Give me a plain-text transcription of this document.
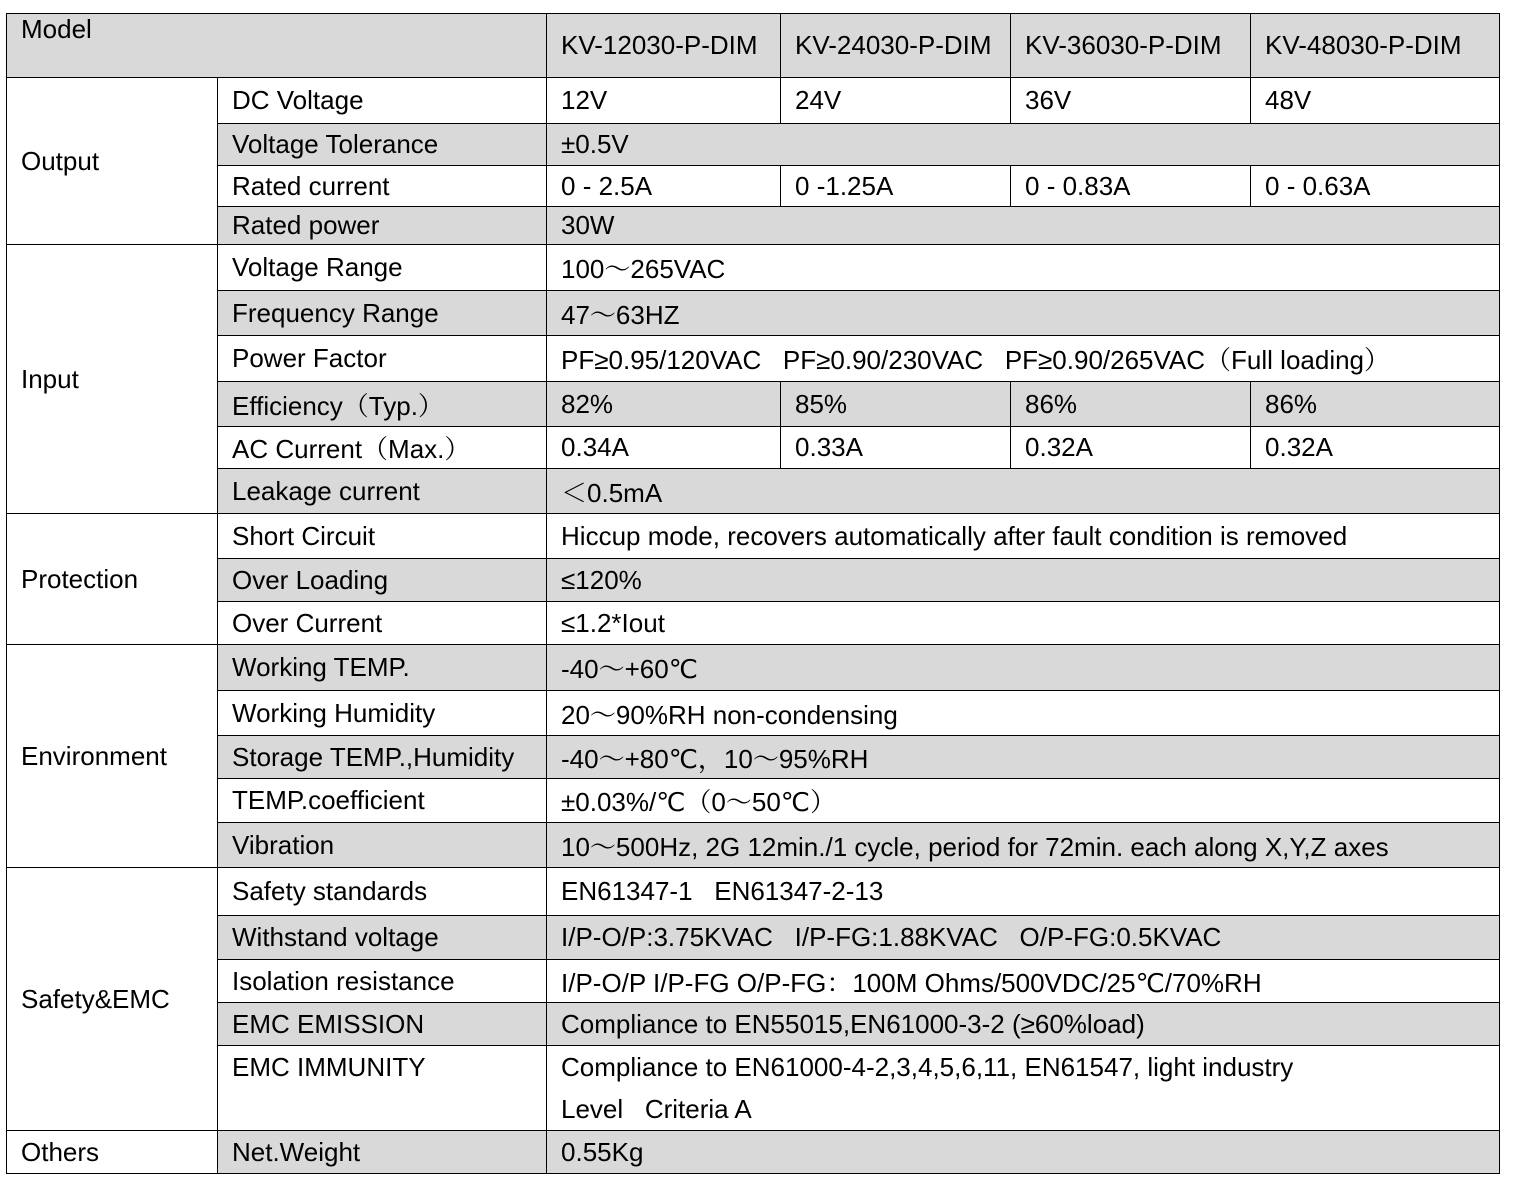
Model		KV-12030-P-DIM	KV-24030-P-DIM	KV-36030-P-DIM	KV-48030-P-DIM
Output	DC Voltage	12V	24V	36V	48V
	Voltage Tolerance	±0.5V			
	Rated current	0 - 2.5A	0 -1.25A	0 - 0.83A	0 - 0.63A
	Rated power	30W			
Input	Voltage Range	100～265VAC			
	Frequency Range	47～63HZ			
	Power Factor	PF≥0.95/120VAC   PF≥0.90/230VAC   PF≥0.90/265VAC（Full loading）			
	Efficiency（Typ.）	82%	85%	86%	86%
	AC Current（Max.）	0.34A	0.33A	0.32A	0.32A
	Leakage current	＜0.5mA			
Protection	Short Circuit	Hiccup mode, recovers automatically after fault condition is removed			
	Over Loading	≤120%			
	Over Current	≤1.2*Iout			
Environment	Working TEMP.	-40～+60℃			
	Working Humidity	20～90%RH non-condensing			
	Storage TEMP.,Humidity	-40～+80℃，10～95%RH			
	TEMP.coefficient	±0.03%/℃（0～50℃）			
	Vibration	10～500Hz, 2G 12min./1 cycle, period for 72min. each along X,Y,Z axes			
Safety&EMC	Safety standards	EN61347-1   EN61347-2-13			
	Withstand voltage	I/P-O/P:3.75KVAC   I/P-FG:1.88KVAC   O/P-FG:0.5KVAC			
	Isolation resistance	I/P-O/P I/P-FG O/P-FG：100M Ohms/500VDC/25℃/70%RH			
	EMC EMISSION	Compliance to EN55015,EN61000-3-2 (≥60%load)			
	EMC IMMUNITY	Compliance to EN61000-4-2,3,4,5,6,11, EN61547, light industry
Level   Criteria A			

Others	Net.Weight	0.55Kg			
